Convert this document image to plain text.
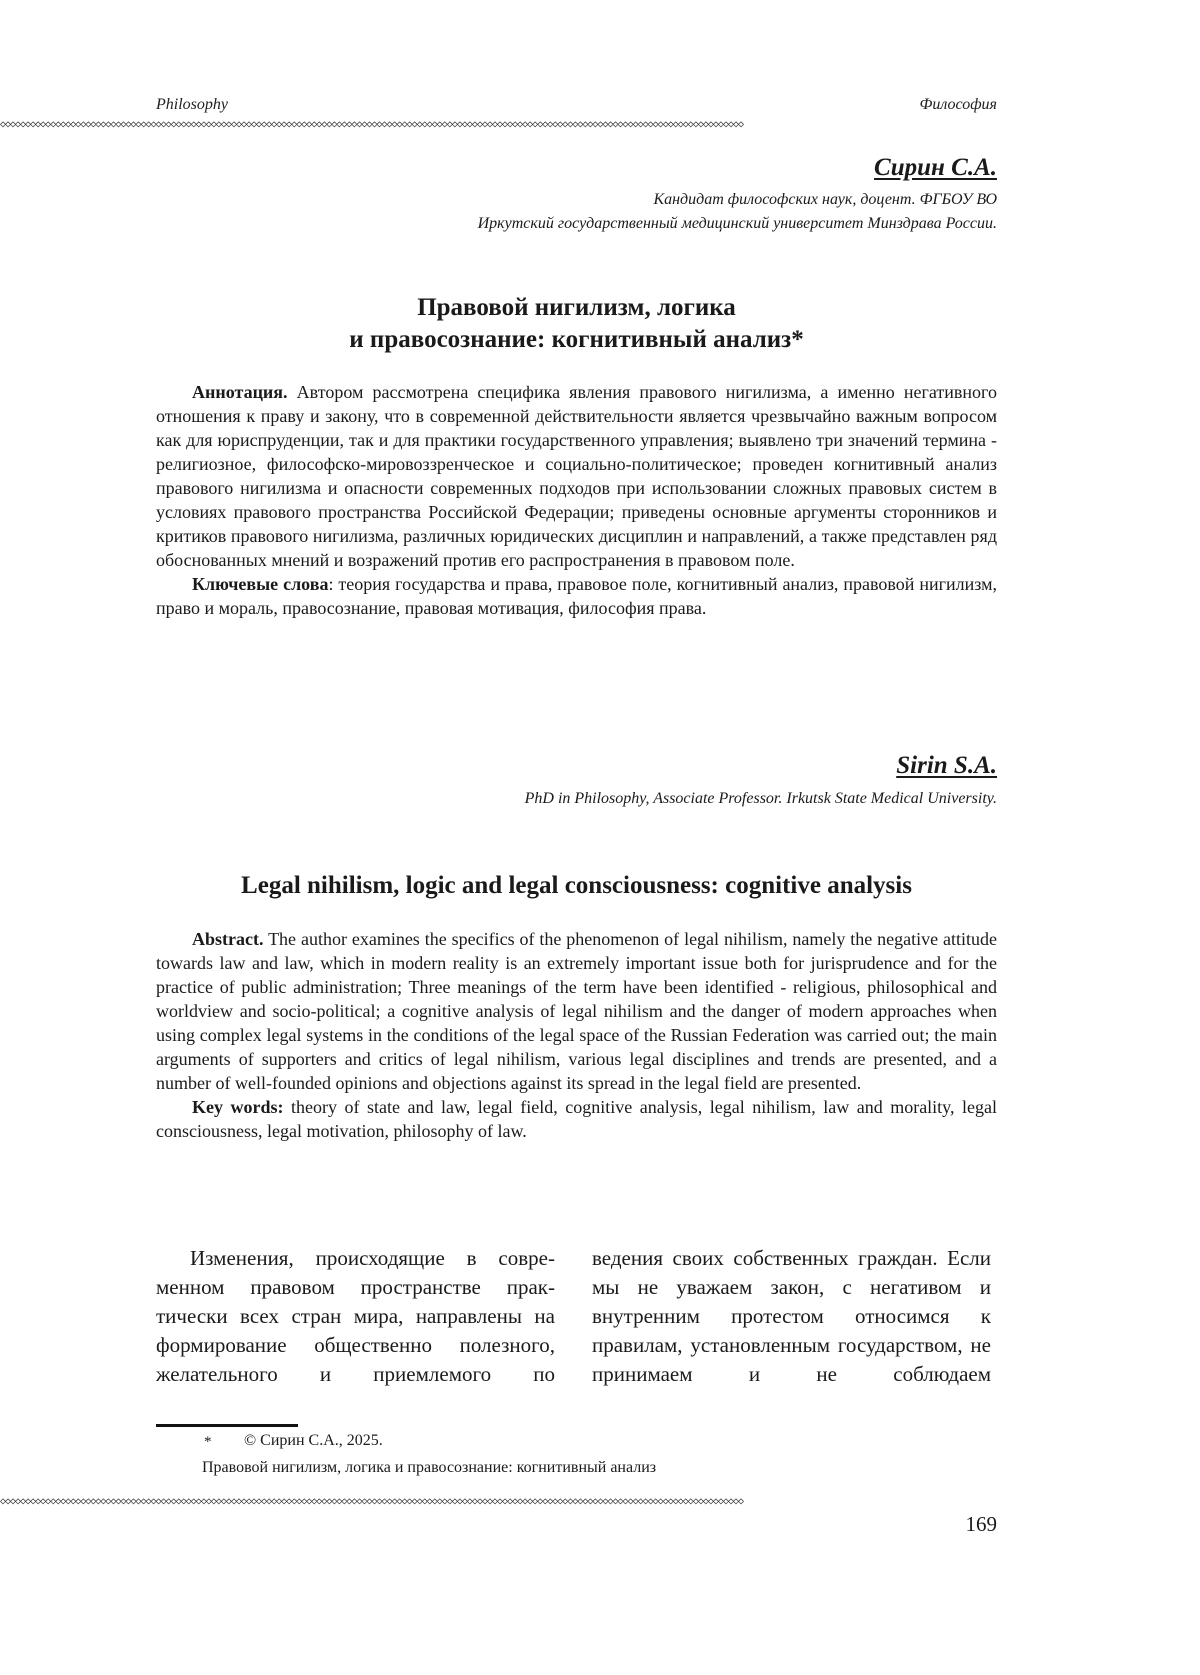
Philosophy	Философия
◇◇◇◇◇◇◇◇◇◇◇◇◇◇◇◇◇◇◇◇◇◇◇◇◇◇◇◇◇◇◇◇◇◇◇◇◇◇◇◇◇◇◇◇◇◇◇◇◇◇◇◇◇◇◇◇◇◇◇◇◇◇◇◇◇◇◇◇◇◇◇◇◇◇◇◇◇◇◇◇◇◇◇◇◇◇◇◇◇◇◇◇◇◇◇◇◇◇◇◇◇◇◇◇◇◇◇◇◇◇◇◇◇◇◇◇◇◇◇◇◇◇◇◇◇◇◇◇◇◇◇◇◇◇◇◇◇◇◇◇◇◇◇◇◇◇◇◇
Сирин С.А.
Кандидат философских наук, доцент. ФГБОУ ВО
Иркутский государственный медицинский университет Минздрава России.
Правовой нигилизм, логика
и правосознание: когнитивный анализ*

Аннотация. Автором рассмотрена специфика явления правового нигилизма, а именно негативного отношения к праву и закону, что в современной действительности является чрезвычайно важным вопросом как для юриспруденции, так и для практики государственного управления; выявлено три значений термина - религиозное, философско-мировоззренческое и социально-политическое; проведен когнитивный анализ правового нигилизма и опасности современных подходов при использовании сложных правовых систем в условиях правового пространства Российской Федерации; приведены основные аргументы сторонников и критиков правового нигилизма, различных юридических дисциплин и направлений, а также представлен ряд обоснованных мнений и возражений против его распространения в правовом поле.

Ключевые слова: теория государства и права, правовое поле, когнитивный анализ, правовой нигилизм, право и мораль, правосознание, правовая мотивация, философия права.

Sirin S.A.
PhD in Philosophy, Associate Professor. Irkutsk State Medical University.
Legal nihilism, logic and legal consciousness: cognitive analysis

Abstract. The author examines the specifics of the phenomenon of legal nihilism, namely the negative attitude towards law and law, which in modern reality is an extremely important issue both for jurisprudence and for the practice of public administration; Three meanings of the term have been identified - religious, philosophical and worldview and socio-political; a cognitive analysis of legal nihilism and the danger of modern approaches when using complex legal systems in the conditions of the legal space of the Russian Federation was carried out; the main arguments of supporters and critics of legal nihilism, various legal disciplines and trends are presented, and a number of well-founded opinions and objections against its spread in the legal field are presented.

Key words: theory of state and law, legal field, cognitive analysis, legal nihilism, law and morality, legal consciousness, legal motivation, philosophy of law.

Изменения, происходящие в современном правовом пространстве практически всех стран мира, направлены на формирование общественно полезного, желательного и приемлемого по
ведения своих собственных граждан. Если мы не уважаем закон, с негативом и внутренним протестом относимся к правилам, установленным государством, не принимаем и не соблюдаем
* © Сирин С.А., 2025.
Правовой нигилизм, логика и правосознание: когнитивный анализ
◇◇◇◇◇◇◇◇◇◇◇◇◇◇◇◇◇◇◇◇◇◇◇◇◇◇◇◇◇◇◇◇◇◇◇◇◇◇◇◇◇◇◇◇◇◇◇◇◇◇◇◇◇◇◇◇◇◇◇◇◇◇◇◇◇◇◇◇◇◇◇◇◇◇◇◇◇◇◇◇◇◇◇◇◇◇◇◇◇◇◇◇◇◇◇◇◇◇◇◇◇◇◇◇◇◇◇◇◇◇◇◇◇◇◇◇◇◇◇◇◇◇◇◇◇◇◇◇◇◇◇◇◇◇◇◇◇◇◇◇◇◇◇◇◇◇◇◇
169
